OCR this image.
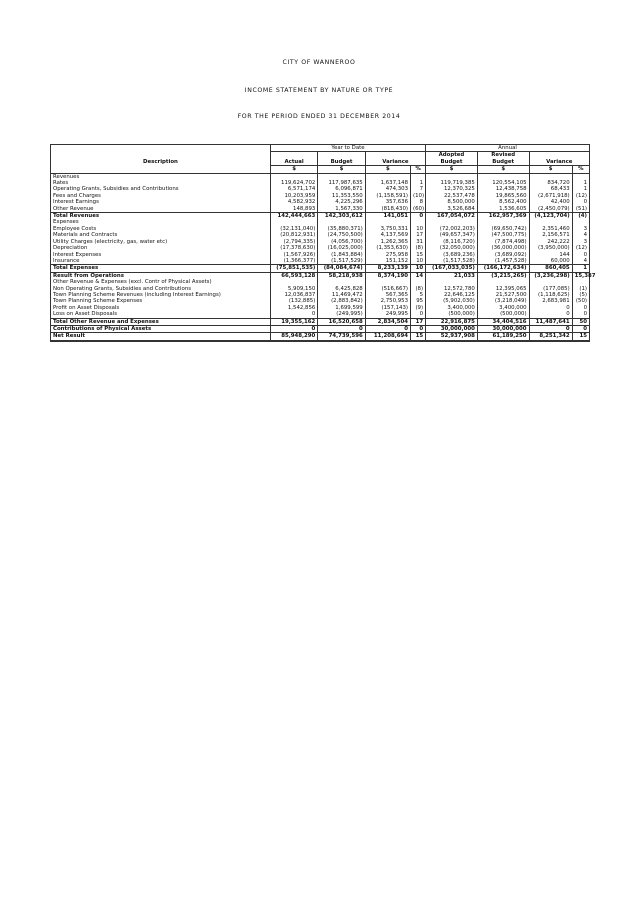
CITY OF WANNEROO
INCOME STATEMENT BY NATURE OR TYPE
FOR THE PERIOD ENDED 31 DECEMBER 2014
	Year to Date				Annual			
Description	Actual	Budget	Variance		Adopted Budget	Revised Budget	Variance	
	$	$	$	%	$	$	$	%
Revenues								
Rates	119,624,702	117,987,635	1,637,148	1	119,719,385	120,554,105	834,720	1
Operating Grants, Subsidies and Contributions	6,571,174	6,096,871	474,303	7	12,370,325	12,438,758	68,433	1
Fees and Charges	10,203,959	11,353,550	(1,158,591)	(10)	22,537,478	19,865,560	(2,671,918)	(12)
Interest Earnings	4,582,932	4,225,296	357,636	8	8,500,000	8,562,400	42,400	0
Other Revenue	148,893	1,567,330	(818,430)	(60)	3,526,684	1,536,605	(2,450,079)	(51)
Total Revenues	142,444,663	142,303,612	141,051	0	167,054,072	162,957,369	(4,123,704)	(4)
Expenses								
Employee Costs	(32,131,040)	(35,880,371)	3,750,331	10	(72,002,203)	(69,650,742)	2,351,460	3
Materials and Contracts	(20,812,931)	(24,750,500)	4,137,569	17	(49,657,347)	(47,500,775)	2,156,571	4
Utility Charges (electricity, gas, water etc)	(2,794,335)	(4,056,700)	1,262,365	31	(8,116,720)	(7,874,498)	242,222	3
Depreciation	(17,378,630)	(16,025,000)	(1,353,630)	(8)	(32,050,000)	(36,000,000)	(3,950,000)	(12)
Interest Expenses	(1,567,926)	(1,843,884)	275,958	15	(3,689,236)	(3,689,092)	144	0
Insurance	(1,366,377)	(1,517,529)	151,152	10	(1,517,528)	(1,457,528)	60,000	4
Total Expenses	(75,851,535)	(84,084,674)	8,233,139	10	(167,033,035)	(166,172,634)	860,405	1
Result from Operations	66,593,128	58,218,938	8,374,190	14	21,033	(3,215,265)	(3,236,298)	15,387
Other Revenue & Expenses (excl. Contr of Physical Assets)								
Non Operating Grants, Subsidies and Contributions	5,909,150	6,425,828	(516,667)	(8)	12,572,780	12,395,065	(177,085)	(1)
Town Planning Scheme Revenues (including Interest Earnings)	12,036,837	11,469,472	567,365	5	22,646,125	21,527,500	(1,118,625)	(5)
Town Planning Scheme Expenses	(132,885)	(2,883,842)	2,750,953	95	(5,902,030)	(3,218,049)	2,683,981	(50)
Profit on Asset Disposals	1,542,856	1,699,599	(157,143)	(9)	3,400,000	3,400,000	0	0
Loss on Asset Disposals	0	(249,995)	249,995	0	(500,000)	(500,000)	0	0
Total Other Revenue and Expenses	19,355,162	16,520,658	2,834,504	17	22,916,875	34,404,516	11,487,641	50
Contributions of Physical Assets	0	0	0	0	30,000,000	30,000,000	0	0
Net Result	85,948,290	74,739,596	11,208,694	15	52,937,908	61,189,250	8,251,342	15
